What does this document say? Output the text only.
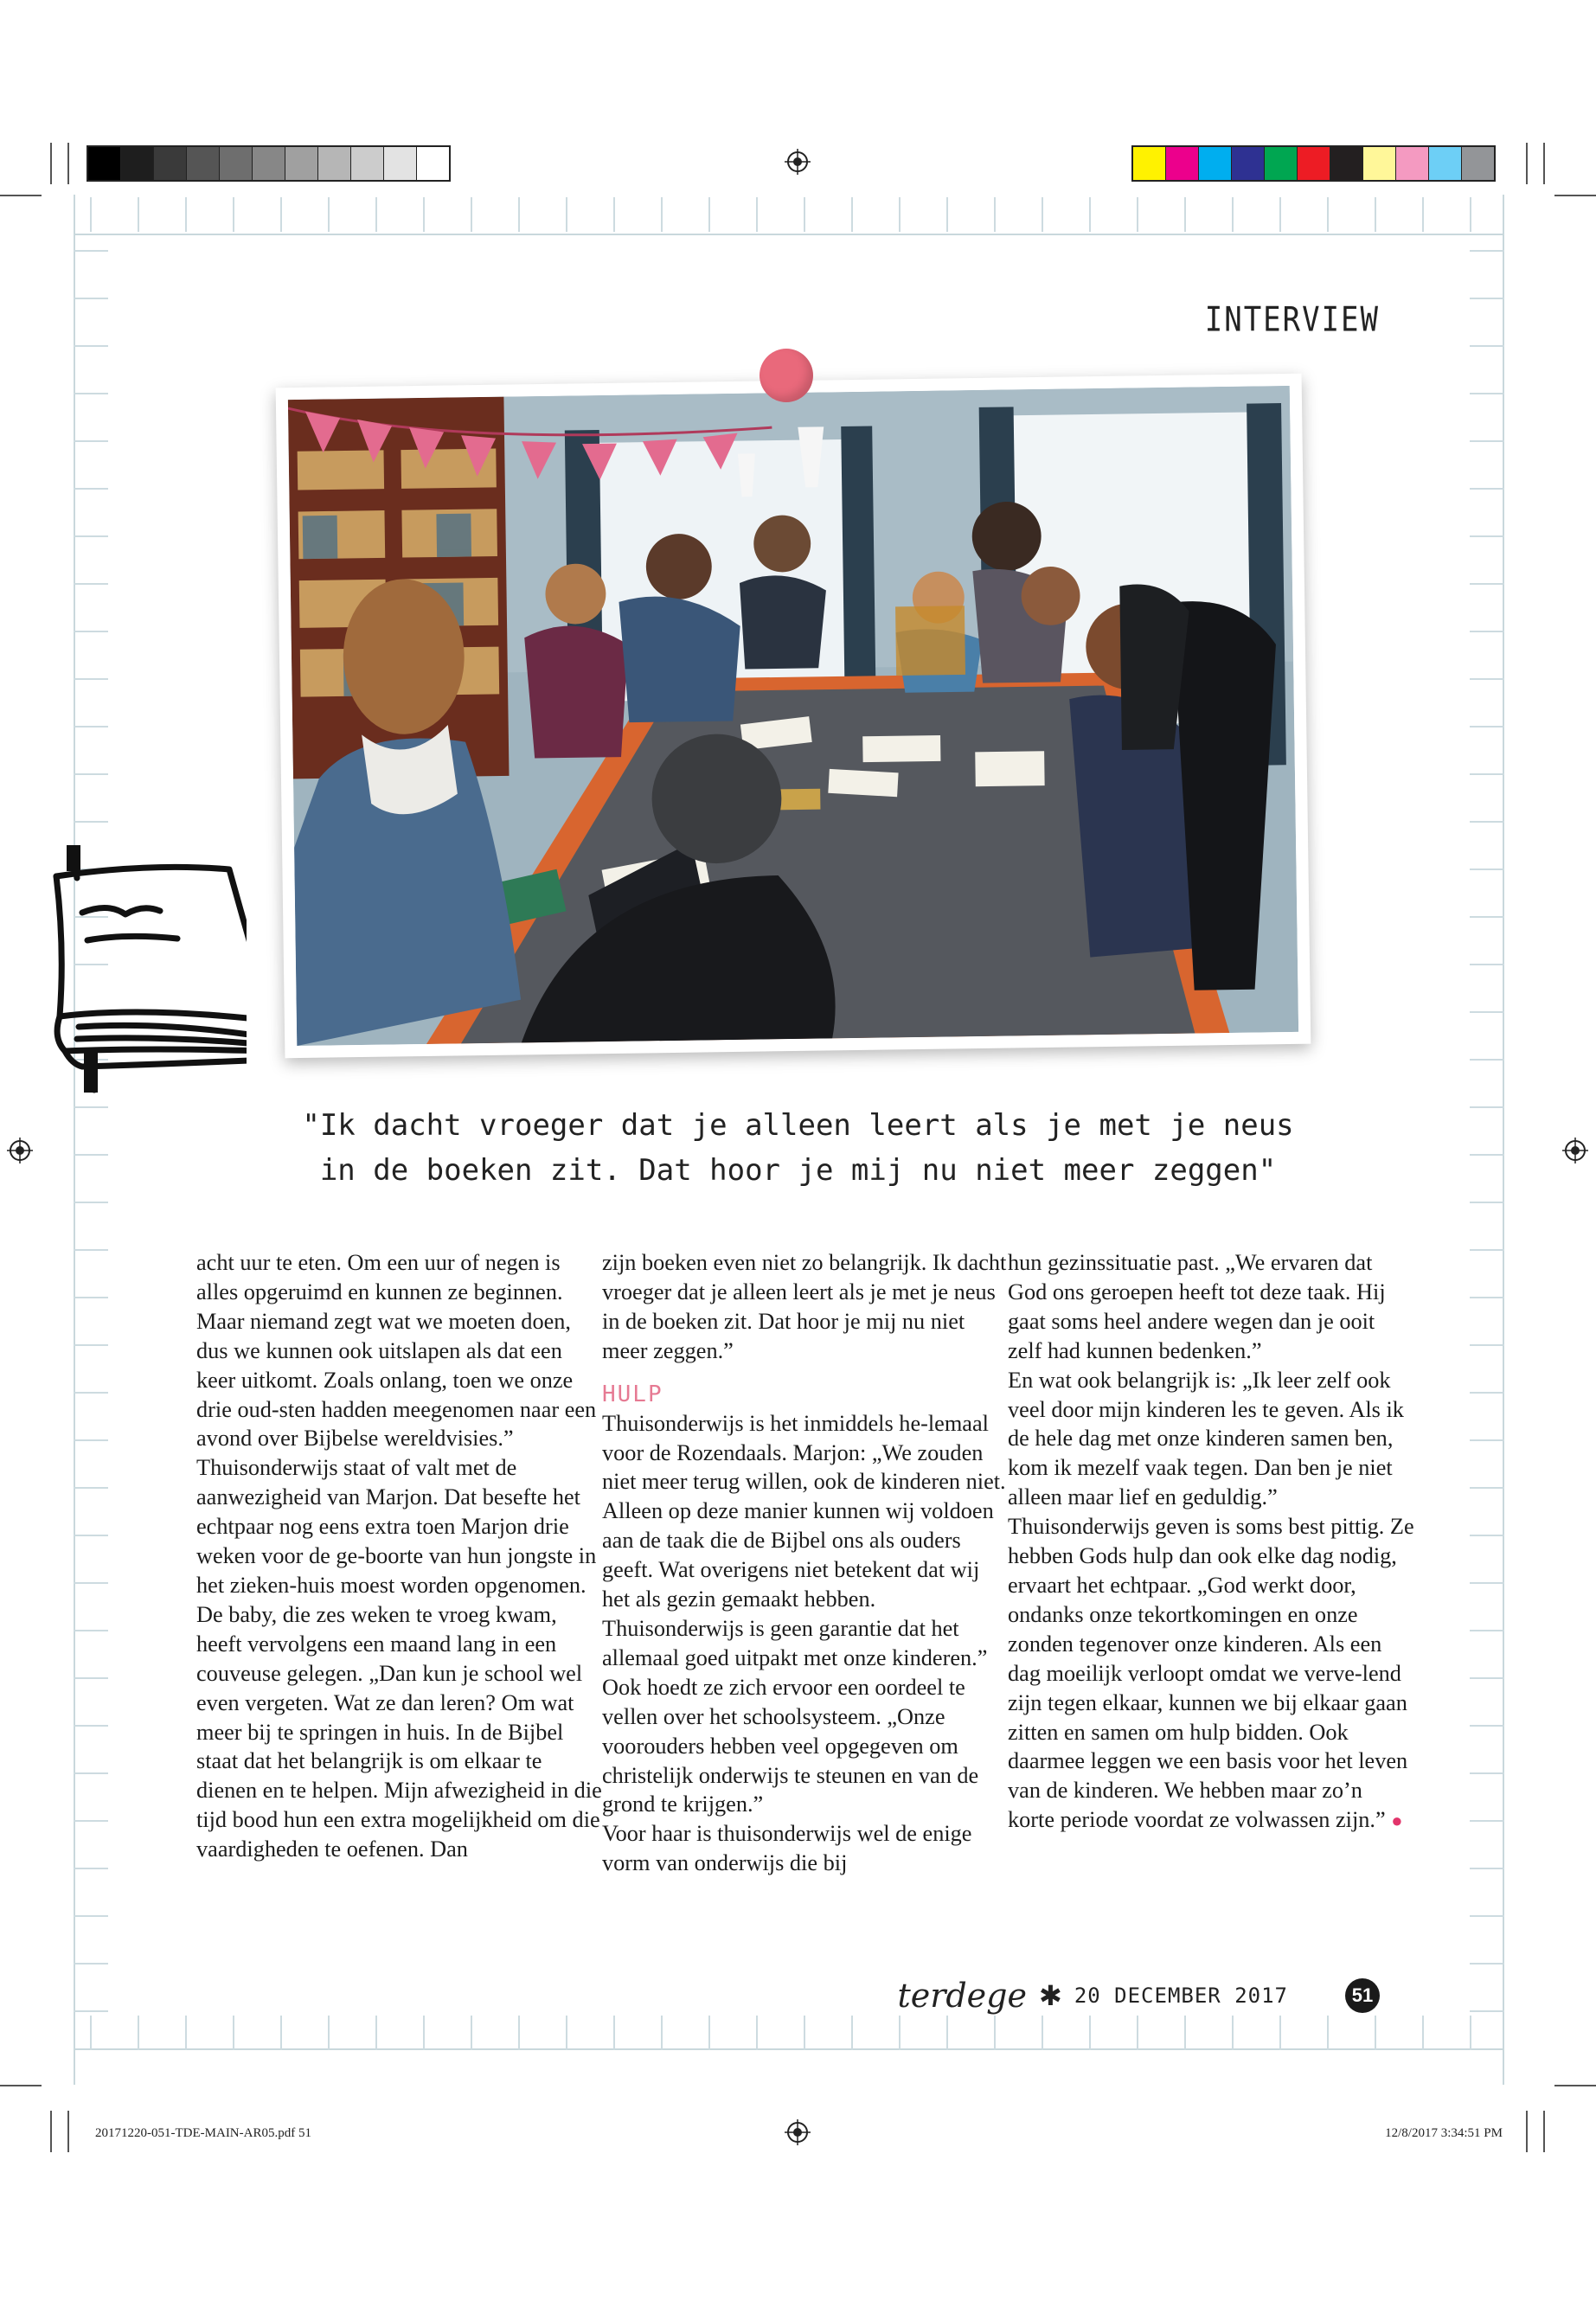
INTERVIEW
"Ik dacht vroeger dat je alleen leert als je met je neus
in de boeken zit. Dat hoor je mij nu niet meer zeggen"

acht uur te eten. Om een uur of negen is alles opgeruimd en kunnen ze beginnen. Maar niemand zegt wat we moeten doen, dus we kunnen ook uitslapen als dat een keer uitkomt. Zoals onlang, toen we onze drie oud-sten hadden meegenomen naar een avond over Bijbelse wereldvisies.” Thuisonderwijs staat of valt met de aanwezigheid van Marjon. Dat besefte het echtpaar nog eens extra toen Marjon drie weken voor de ge-boorte van hun jongste in het zieken-huis moest worden opgenomen. De baby, die zes weken te vroeg kwam, heeft vervolgens een maand lang in een couveuse gelegen. „Dan kun je school wel even vergeten. Wat ze dan leren? Om wat meer bij te springen in huis. In de Bijbel staat dat het belangrijk is om elkaar te dienen en te helpen. Mijn afwezigheid in die tijd bood hun een extra mogelijkheid om die vaardigheden te oefenen. Dan

zijn boeken even niet zo belangrijk. Ik dacht vroeger dat je alleen leert als je met je neus in de boeken zit. Dat hoor je mij nu niet meer zeggen.”

HULP

Thuisonderwijs is het inmiddels he-lemaal voor de Rozendaals. Marjon: „We zouden niet meer terug willen, ook de kinderen niet. Alleen op deze manier kunnen wij voldoen aan de taak die de Bijbel ons als ouders geeft. Wat overigens niet betekent dat wij het als gezin gemaakt hebben. Thuisonderwijs is geen garantie dat het allemaal goed uitpakt met onze kinderen.” Ook hoedt ze zich ervoor een oordeel te vellen over het schoolsysteem. „Onze voorouders hebben veel opgegeven om christelijk onderwijs te steunen en van de grond te krijgen.”

Voor haar is thuisonderwijs wel de enige vorm van onderwijs die bij

hun gezinssituatie past. „We ervaren dat God ons geroepen heeft tot deze taak. Hij gaat soms heel andere wegen dan je ooit zelf had kunnen bedenken.”

En wat ook belangrijk is: „Ik leer zelf ook veel door mijn kinderen les te geven. Als ik de hele dag met onze kinderen samen ben, kom ik mezelf vaak tegen. Dan ben je niet alleen maar lief en geduldig.”

Thuisonderwijs geven is soms best pittig. Ze hebben Gods hulp dan ook elke dag nodig, ervaart het echtpaar. „God werkt door, ondanks onze tekortkomingen en onze zonden tegenover onze kinderen. Als een dag moeilijk verloopt omdat we verve-lend zijn tegen elkaar, kunnen we bij elkaar gaan zitten en samen om hulp bidden. Ook daarmee leggen we een basis voor het leven van de kinderen. We hebben maar zo’n korte periode voordat ze volwassen zijn.” ●

terdege ✱ 20 DECEMBER 2017	51
20171220-051-TDE-MAIN-AR05.pdf 51	12/8/2017 3:34:51 PM
